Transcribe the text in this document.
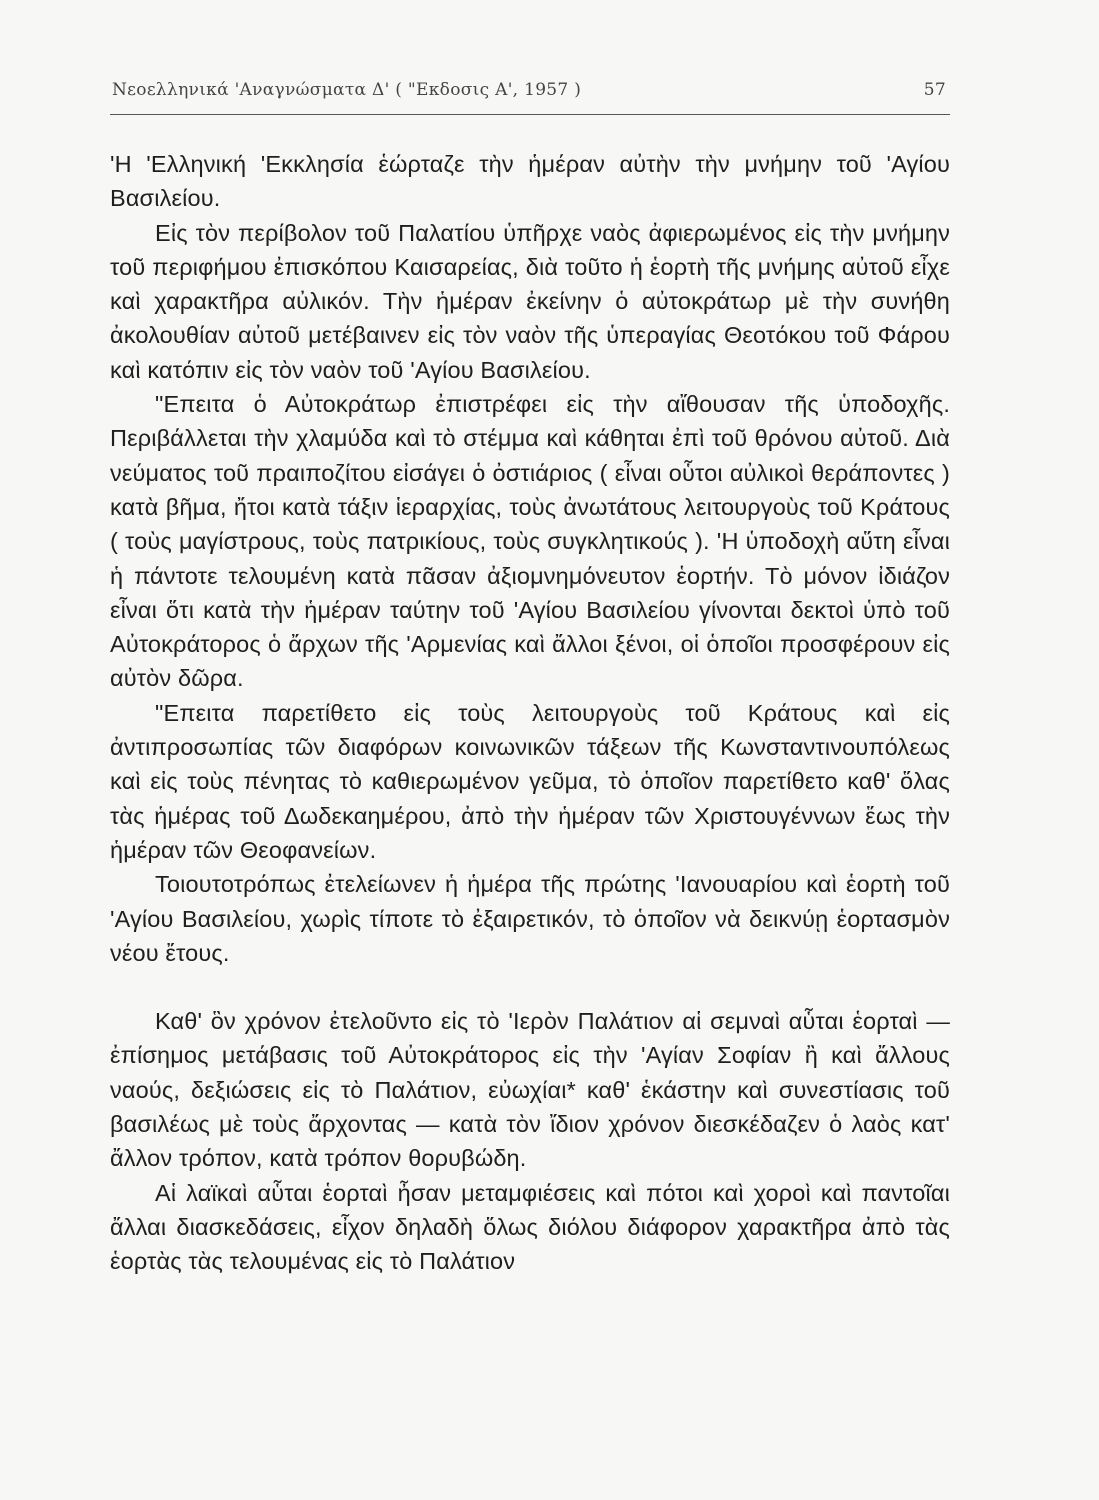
Νεοελληνικά 'Αναγνώσματα Δ' ( "Εκδοσις Α', 1957 )	57

'Η 'Ελληνική 'Εκκλησία ἑώρταζε τὴν ἡμέραν αὐτὴν τὴν μνήμην τοῦ 'Αγίου Βασιλείου.

Εἰς τὸν περίβολον τοῦ Παλατίου ὑπῆρχε ναὸς ἀφιερωμένος εἰς τὴν μνήμην τοῦ περιφήμου ἐπισκόπου Καισαρείας, διὰ τοῦτο ἡ ἑορτὴ τῆς μνήμης αὐτοῦ εἶχε καὶ χαρακτῆρα αὐλικόν. Τὴν ἡμέραν ἐκείνην ὁ αὐτοκράτωρ μὲ τὴν συνήθη ἀκολουθίαν αὐτοῦ μετέβαινεν εἰς τὸν ναὸν τῆς ὑπεραγίας Θεοτόκου τοῦ Φάρου καὶ κατόπιν εἰς τὸν ναὸν τοῦ 'Αγίου Βασιλείου.

"Επειτα ὁ Αὐτοκράτωρ ἐπιστρέφει εἰς τὴν αἴθουσαν τῆς ὑποδοχῆς. Περιβάλλεται τὴν χλαμύδα καὶ τὸ στέμμα καὶ κάθηται ἐπὶ τοῦ θρόνου αὐτοῦ. Διὰ νεύματος τοῦ πραιποζίτου εἰσάγει ὁ ὀστιάριος ( εἶναι οὗτοι αὐλικοὶ θεράποντες ) κατὰ βῆμα, ἤτοι κατὰ τάξιν ἱεραρχίας, τοὺς ἀνωτάτους λειτουργοὺς τοῦ Κράτους ( τοὺς μαγίστρους, τοὺς πατρικίους, τοὺς συγκλητικούς ). 'Η ὑποδοχὴ αὕτη εἶναι ἡ πάντοτε τελουμένη κατὰ πᾶσαν ἀξιομνημόνευτον ἑορτήν. Τὸ μόνον ἰδιάζον εἶναι ὅτι κατὰ τὴν ἡμέραν ταύτην τοῦ 'Αγίου Βασιλείου γίνονται δεκτοὶ ὑπὸ τοῦ Αὐτοκράτορος ὁ ἄρχων τῆς 'Αρμενίας καὶ ἄλλοι ξένοι, οἱ ὁποῖοι προσφέρουν εἰς αὐτὸν δῶρα.

"Επειτα παρετίθετο εἰς τοὺς λειτουργοὺς τοῦ Κράτους καὶ εἰς ἀντιπροσωπίας τῶν διαφόρων κοινωνικῶν τάξεων τῆς Κωνσταντινουπόλεως καὶ εἰς τοὺς πένητας τὸ καθιερωμένον γεῦμα, τὸ ὁποῖον παρετίθετο καθ' ὅλας τὰς ἡμέρας τοῦ Δωδεκαημέρου, ἀπὸ τὴν ἡμέραν τῶν Χριστουγέννων ἕως τὴν ἡμέραν τῶν Θεοφανείων.

Τοιουτοτρόπως ἐτελείωνεν ἡ ἡμέρα τῆς πρώτης 'Ιανουαρίου καὶ ἑορτὴ τοῦ 'Αγίου Βασιλείου, χωρὶς τίποτε τὸ ἐξαιρετικόν, τὸ ὁποῖον νὰ δεικνύῃ ἑορτασμὸν νέου ἔτους.

Καθ' ὃν χρόνον ἐτελοῦντο εἰς τὸ 'Ιερὸν Παλάτιον αἱ σεμναὶ αὗται ἑορταὶ — ἐπίσημος μετάβασις τοῦ Αὐτοκράτορος εἰς τὴν 'Αγίαν Σοφίαν ἢ καὶ ἄλλους ναούς, δεξιώσεις εἰς τὸ Παλάτιον, εὐωχίαι* καθ' ἑκάστην καὶ συνεστίασις τοῦ βασιλέως μὲ τοὺς ἄρχοντας — κατὰ τὸν ἴδιον χρόνον διεσκέδαζεν ὁ λαὸς κατ' ἄλλον τρόπον, κατὰ τρόπον θορυβώδη.

Αἱ λαϊκαὶ αὗται ἑορταὶ ἦσαν μεταμφιέσεις καὶ πότοι καὶ χοροὶ καὶ παντοῖαι ἄλλαι διασκεδάσεις, εἶχον δηλαδὴ ὅλως διόλου διάφορον χαρακτῆρα ἀπὸ τὰς ἑορτὰς τὰς τελουμένας εἰς τὸ Παλάτιον
